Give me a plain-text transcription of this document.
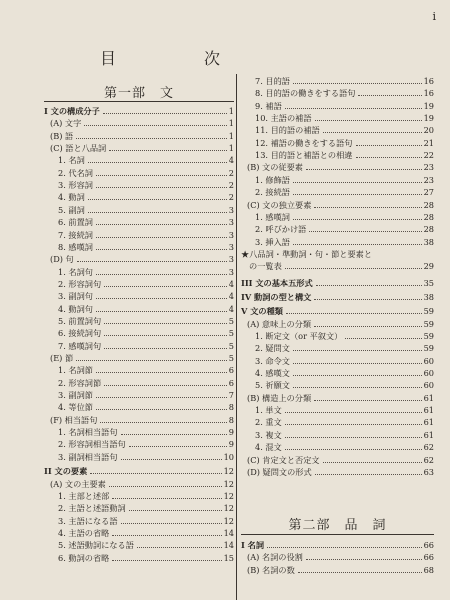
i
目　次
第一部　文
I 文の構成分子	1
(A) 文字	1
(B) 語	1
(C) 語と八品詞	1
1. 名詞	4
2. 代名詞	2
3. 形容詞	2
4. 動詞	2
5. 副詞	3
6. 前置詞	3
7. 接続詞	3
8. 感嘆詞	3
(D) 句	3
1. 名詞句	3
2. 形容詞句	4
3. 副詞句	4
4. 動詞句	4
5. 前置詞句	5
6. 接続詞句	5
7. 感嘆詞句	5
(E) 節	5
1. 名詞節	6
2. 形容詞節	6
3. 副詞節	7
4. 等位節	8
(F) 相当語句	8
1. 名詞相当語句	9
2. 形容詞相当語句	9
3. 副詞相当語句	10
II 文の要素	12
(A) 文の主要素	12
1. 主部と述部	12
2. 主語と述語動詞	12
3. 主語になる語	12
4. 主語の省略	14
5. 述語動詞になる語	14
6. 動詞の省略	15
第二部　品　詞
7. 目的語	16
8. 目的語の働きをする語句	16
9. 補語	19
10. 主語の補語	19
11. 目的語の補語	20
12. 補語の働きをする語句	21
13. 目的語と補語との相違	22
(B) 文の従要素	23
1. 修飾語	23
2. 接続語	27
(C) 文の独立要素	28
1. 感嘆詞	28
2. 呼びかけ語	28
3. 挿入語	38
★八品詞・準動詞・句・節と要素と
の一覧表	29
III 文の基本五形式	35
IV 動詞の型と構文	38
V 文の種類	59
(A) 意味上の分類	59
1. 断定文（or 平叙文）	59
2. 疑問文	59
3. 命令文	60
4. 感嘆文	60
5. 祈願文	60
(B) 構造上の分類	61
1. 単文	61
2. 重文	61
3. 複文	61
4. 混文	62
(C) 肯定文と否定文	62
(D) 疑問文の形式	63
I 名詞	66
(A) 名詞の役割	66
(B) 名詞の数	68
